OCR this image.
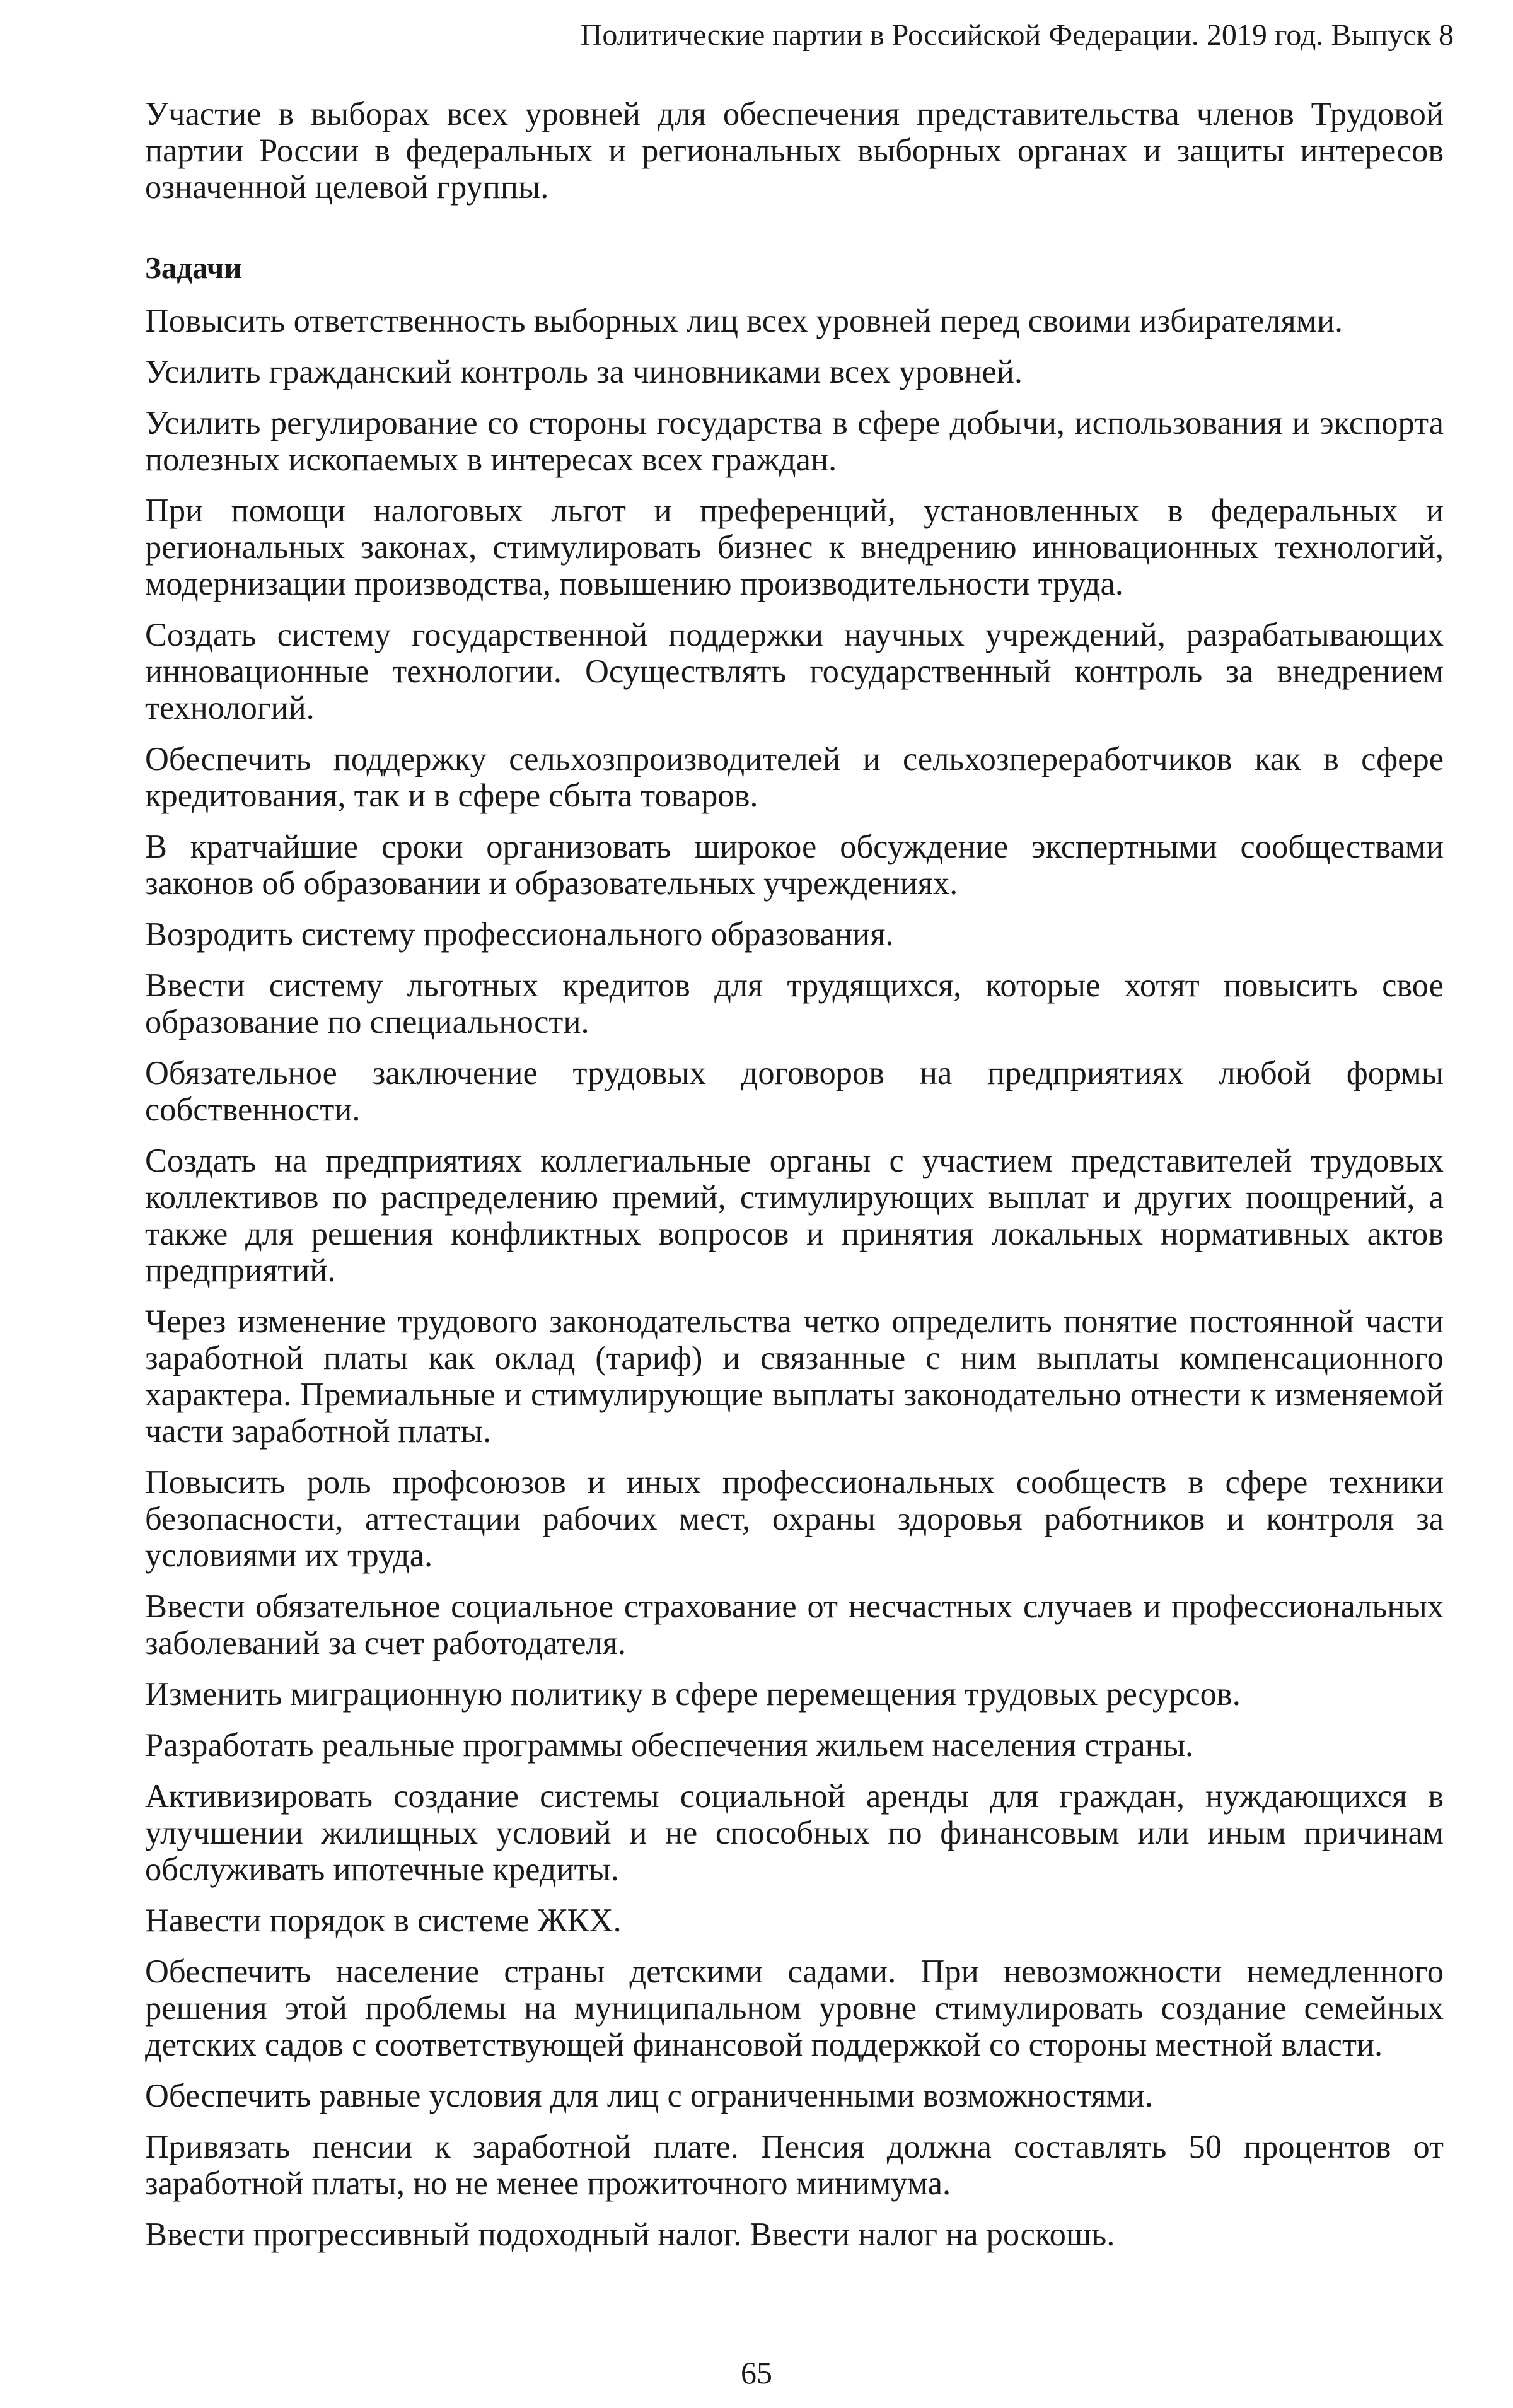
Политические партии в Российской Федерации. 2019 год. Выпуск 8

Участие в выборах всех уровней для обеспечения представительства членов Трудовой партии России в федеральных и региональных выборных органах и защиты интересов означенной целевой группы.

Задачи

Повысить ответственность выборных лиц всех уровней перед своими избирателями.

Усилить гражданский контроль за чиновниками всех уровней.

Усилить регулирование со стороны государства в сфере добычи, использования и экспорта полезных ископаемых в интересах всех граждан.

При помощи налоговых льгот и преференций, установленных в федеральных и региональных законах, стимулировать бизнес к внедрению инновационных технологий, модернизации производства, повышению производительности труда.

Создать систему государственной поддержки научных учреждений, разрабатывающих инновационные технологии. Осуществлять государственный контроль за внедрением технологий.

Обеспечить поддержку сельхозпроизводителей и сельхозпереработчиков как в сфере кредитования, так и в сфере сбыта товаров.

В кратчайшие сроки организовать широкое обсуждение экспертными сообществами законов об образовании и образовательных учреждениях.

Возродить систему профессионального образования.

Ввести систему льготных кредитов для трудящихся, которые хотят повысить свое образование по специальности.

Обязательное заключение трудовых договоров на предприятиях любой формы собственности.

Создать на предприятиях коллегиальные органы с участием представителей трудовых коллективов по распределению премий, стимулирующих выплат и других поощрений, а также для решения конфликтных вопросов и принятия локальных нормативных актов предприятий.

Через изменение трудового законодательства четко определить понятие постоянной части заработной платы как оклад (тариф) и связанные с ним выплаты компенсационного характера. Премиальные и стимулирующие выплаты законодательно отнести к изменяемой части заработной платы.

Повысить роль профсоюзов и иных профессиональных сообществ в сфере техники безопасности, аттестации рабочих мест, охраны здоровья работников и контроля за условиями их труда.

Ввести обязательное социальное страхование от несчастных случаев и профессиональных заболеваний за счет работодателя.

Изменить миграционную политику в сфере перемещения трудовых ресурсов.

Разработать реальные программы обеспечения жильем населения страны.

Активизировать создание системы социальной аренды для граждан, нуждающихся в улучшении жилищных условий и не способных по финансовым или иным причинам обслуживать ипотечные кредиты.

Навести порядок в системе ЖКХ.

Обеспечить население страны детскими садами. При невозможности немедленного решения этой проблемы на муниципальном уровне стимулировать создание семейных детских садов с соответствующей финансовой поддержкой со стороны местной власти.

Обеспечить равные условия для лиц с ограниченными возможностями.

Привязать пенсии к заработной плате. Пенсия должна составлять 50 процентов от заработной платы, но не менее прожиточного минимума.

Ввести прогрессивный подоходный налог. Ввести налог на роскошь.

65
